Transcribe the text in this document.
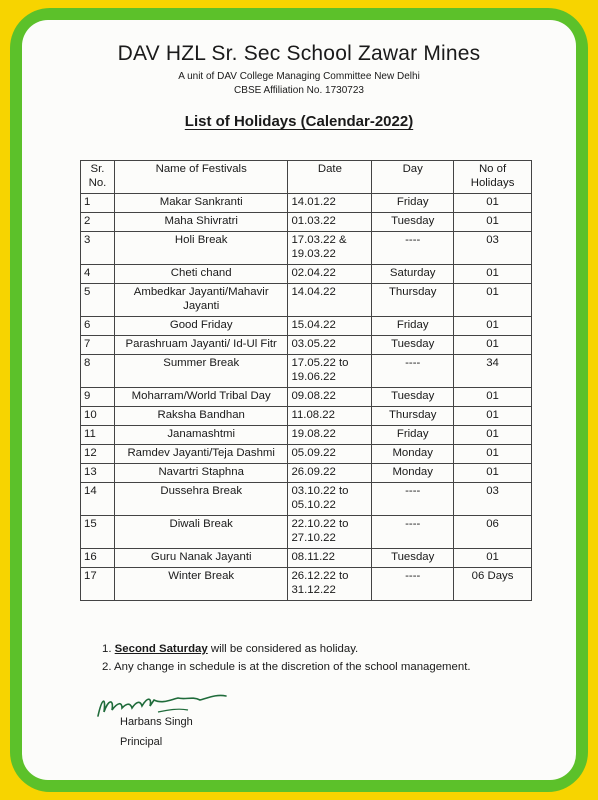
DAV HZL Sr. Sec School Zawar Mines
A unit of DAV College Managing Committee New Delhi
CBSE Affiliation No. 1730723
List of Holidays (Calendar-2022)
Sr. No.	Name of Festivals	Date	Day	No of Holidays
1	Makar Sankranti	14.01.22	Friday	01
2	Maha Shivratri	01.03.22	Tuesday	01
3	Holi Break	17.03.22 & 19.03.22	----	03
4	Cheti chand	02.04.22	Saturday	01
5	Ambedkar Jayanti/Mahavir Jayanti	14.04.22	Thursday	01
6	Good Friday	15.04.22	Friday	01
7	Parashruam Jayanti/ Id-Ul Fitr	03.05.22	Tuesday	01
8	Summer Break	17.05.22 to 19.06.22	----	34
9	Moharram/World Tribal Day	09.08.22	Tuesday	01
10	Raksha Bandhan	11.08.22	Thursday	01
11	Janamashtmi	19.08.22	Friday	01
12	Ramdev Jayanti/Teja Dashmi	05.09.22	Monday	01
13	Navartri Staphna	26.09.22	Monday	01
14	Dussehra Break	03.10.22 to 05.10.22	----	03
15	Diwali Break	22.10.22 to 27.10.22	----	06
16	Guru Nanak Jayanti	08.11.22	Tuesday	01
17	Winter Break	26.12.22 to 31.12.22	----	06 Days
1. Second Saturday will be considered as holiday.
2. Any change in schedule is at the discretion of the school management.
Harbans Singh
Principal
